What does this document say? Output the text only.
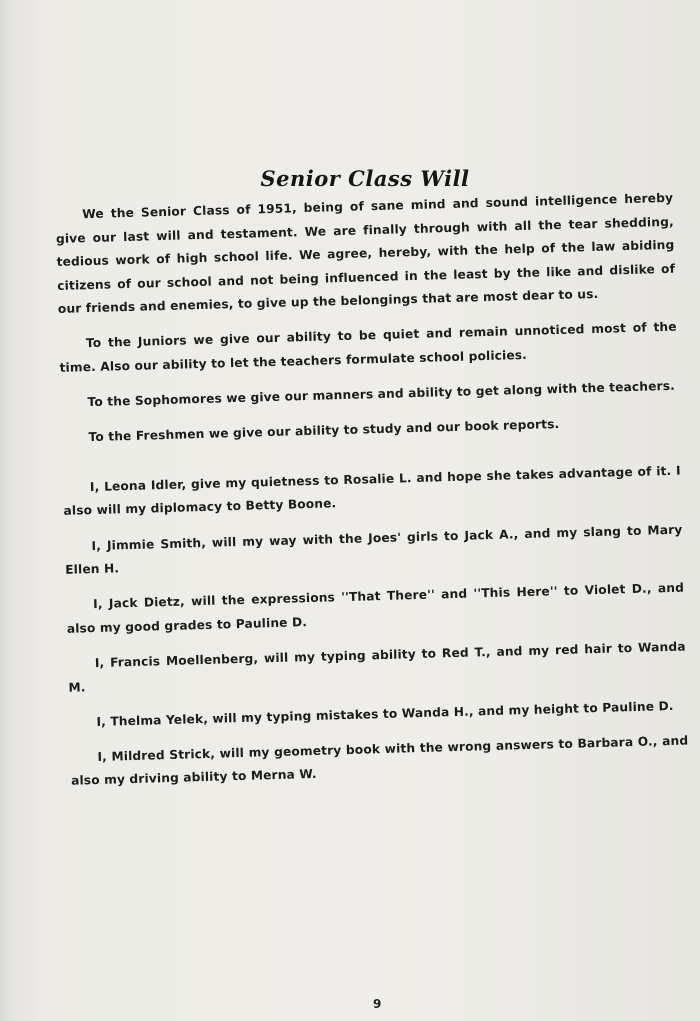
Senior Class Will

We the Senior Class of 1951, being of sane mind and sound intelligence hereby give our last will and testament. We are finally through with all the tear shedding, tedious work of high school life. We agree, hereby, with the help of the law abiding citizens of our school and not being influenced in the least by the like and dislike of our friends and enemies, to give up the belongings that are most dear to us.

To the Juniors we give our ability to be quiet and remain unnoticed most of the time. Also our ability to let the teachers formulate school policies.

To the Sophomores we give our manners and ability to get along with the teachers.

To the Freshmen we give our ability to study and our book reports.

I, Leona Idler, give my quietness to Rosalie L. and hope she takes advantage of it. I also will my diplomacy to Betty Boone.

I, Jimmie Smith, will my way with the Joes' girls to Jack A., and my slang to Mary Ellen H.

I, Jack Dietz, will the expressions ''That There'' and ''This Here'' to Violet D., and also my good grades to Pauline D.

I, Francis Moellenberg, will my typing ability to Red T., and my red hair to Wanda M.

I, Thelma Yelek, will my typing mistakes to Wanda H., and my height to Pauline D.

I, Mildred Strick, will my geometry book with the wrong answers to Barbara O., and also my driving ability to Merna W.

9
